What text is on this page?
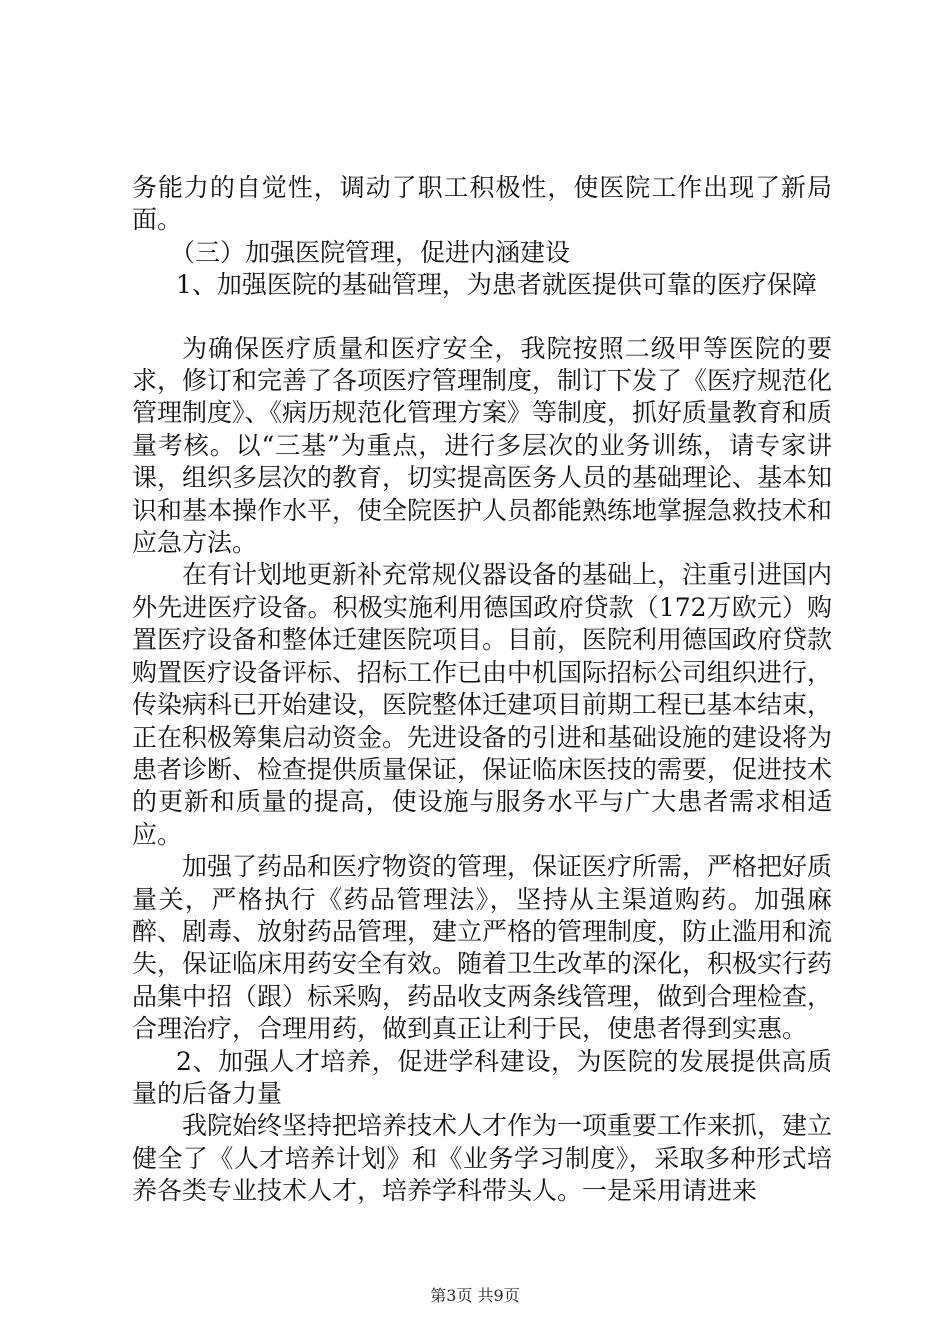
务能力的自觉性，调动了职工积极性，使医院工作出现了新局面。

（三）加强医院管理，促进内涵建设

1、加强医院的基础管理，为患者就医提供可靠的医疗保障

为确保医疗质量和医疗安全，我院按照二级甲等医院的要求，修订和完善了各项医疗管理制度，制订下发了《医疗规范化管理制度》、《病历规范化管理方案》等制度，抓好质量教育和质量考核。以“三基”为重点，进行多层次的业务训练，请专家讲课，组织多层次的教育，切实提高医务人员的基础理论、基本知识和基本操作水平，使全院医护人员都能熟练地掌握急救技术和应急方法。

在有计划地更新补充常规仪器设备的基础上，注重引进国内外先进医疗设备。积极实施利用德国政府贷款（172万欧元）购置医疗设备和整体迁建医院项目。目前，医院利用德国政府贷款购置医疗设备评标、招标工作已由中机国际招标公司组织进行，传染病科已开始建设，医院整体迁建项目前期工程已基本结束，正在积极筹集启动资金。先进设备的引进和基础设施的建设将为患者诊断、检查提供质量保证，保证临床医技的需要，促进技术的更新和质量的提高，使设施与服务水平与广大患者需求相适应。

加强了药品和医疗物资的管理，保证医疗所需，严格把好质量关，严格执行《药品管理法》，坚持从主渠道购药。加强麻醉、剧毒、放射药品管理，建立严格的管理制度，防止滥用和流失，保证临床用药安全有效。随着卫生改革的深化，积极实行药品集中招（跟）标采购，药品收支两条线管理，做到合理检查，合理治疗，合理用药，做到真正让利于民，使患者得到实惠。

2、加强人才培养，促进学科建设，为医院的发展提供高质量的后备力量

我院始终坚持把培养技术人才作为一项重要工作来抓，建立健全了《人才培养计划》和《业务学习制度》，采取多种形式培养各类专业技术人才，培养学科带头人。一是采用请进来

第3页 共9页
